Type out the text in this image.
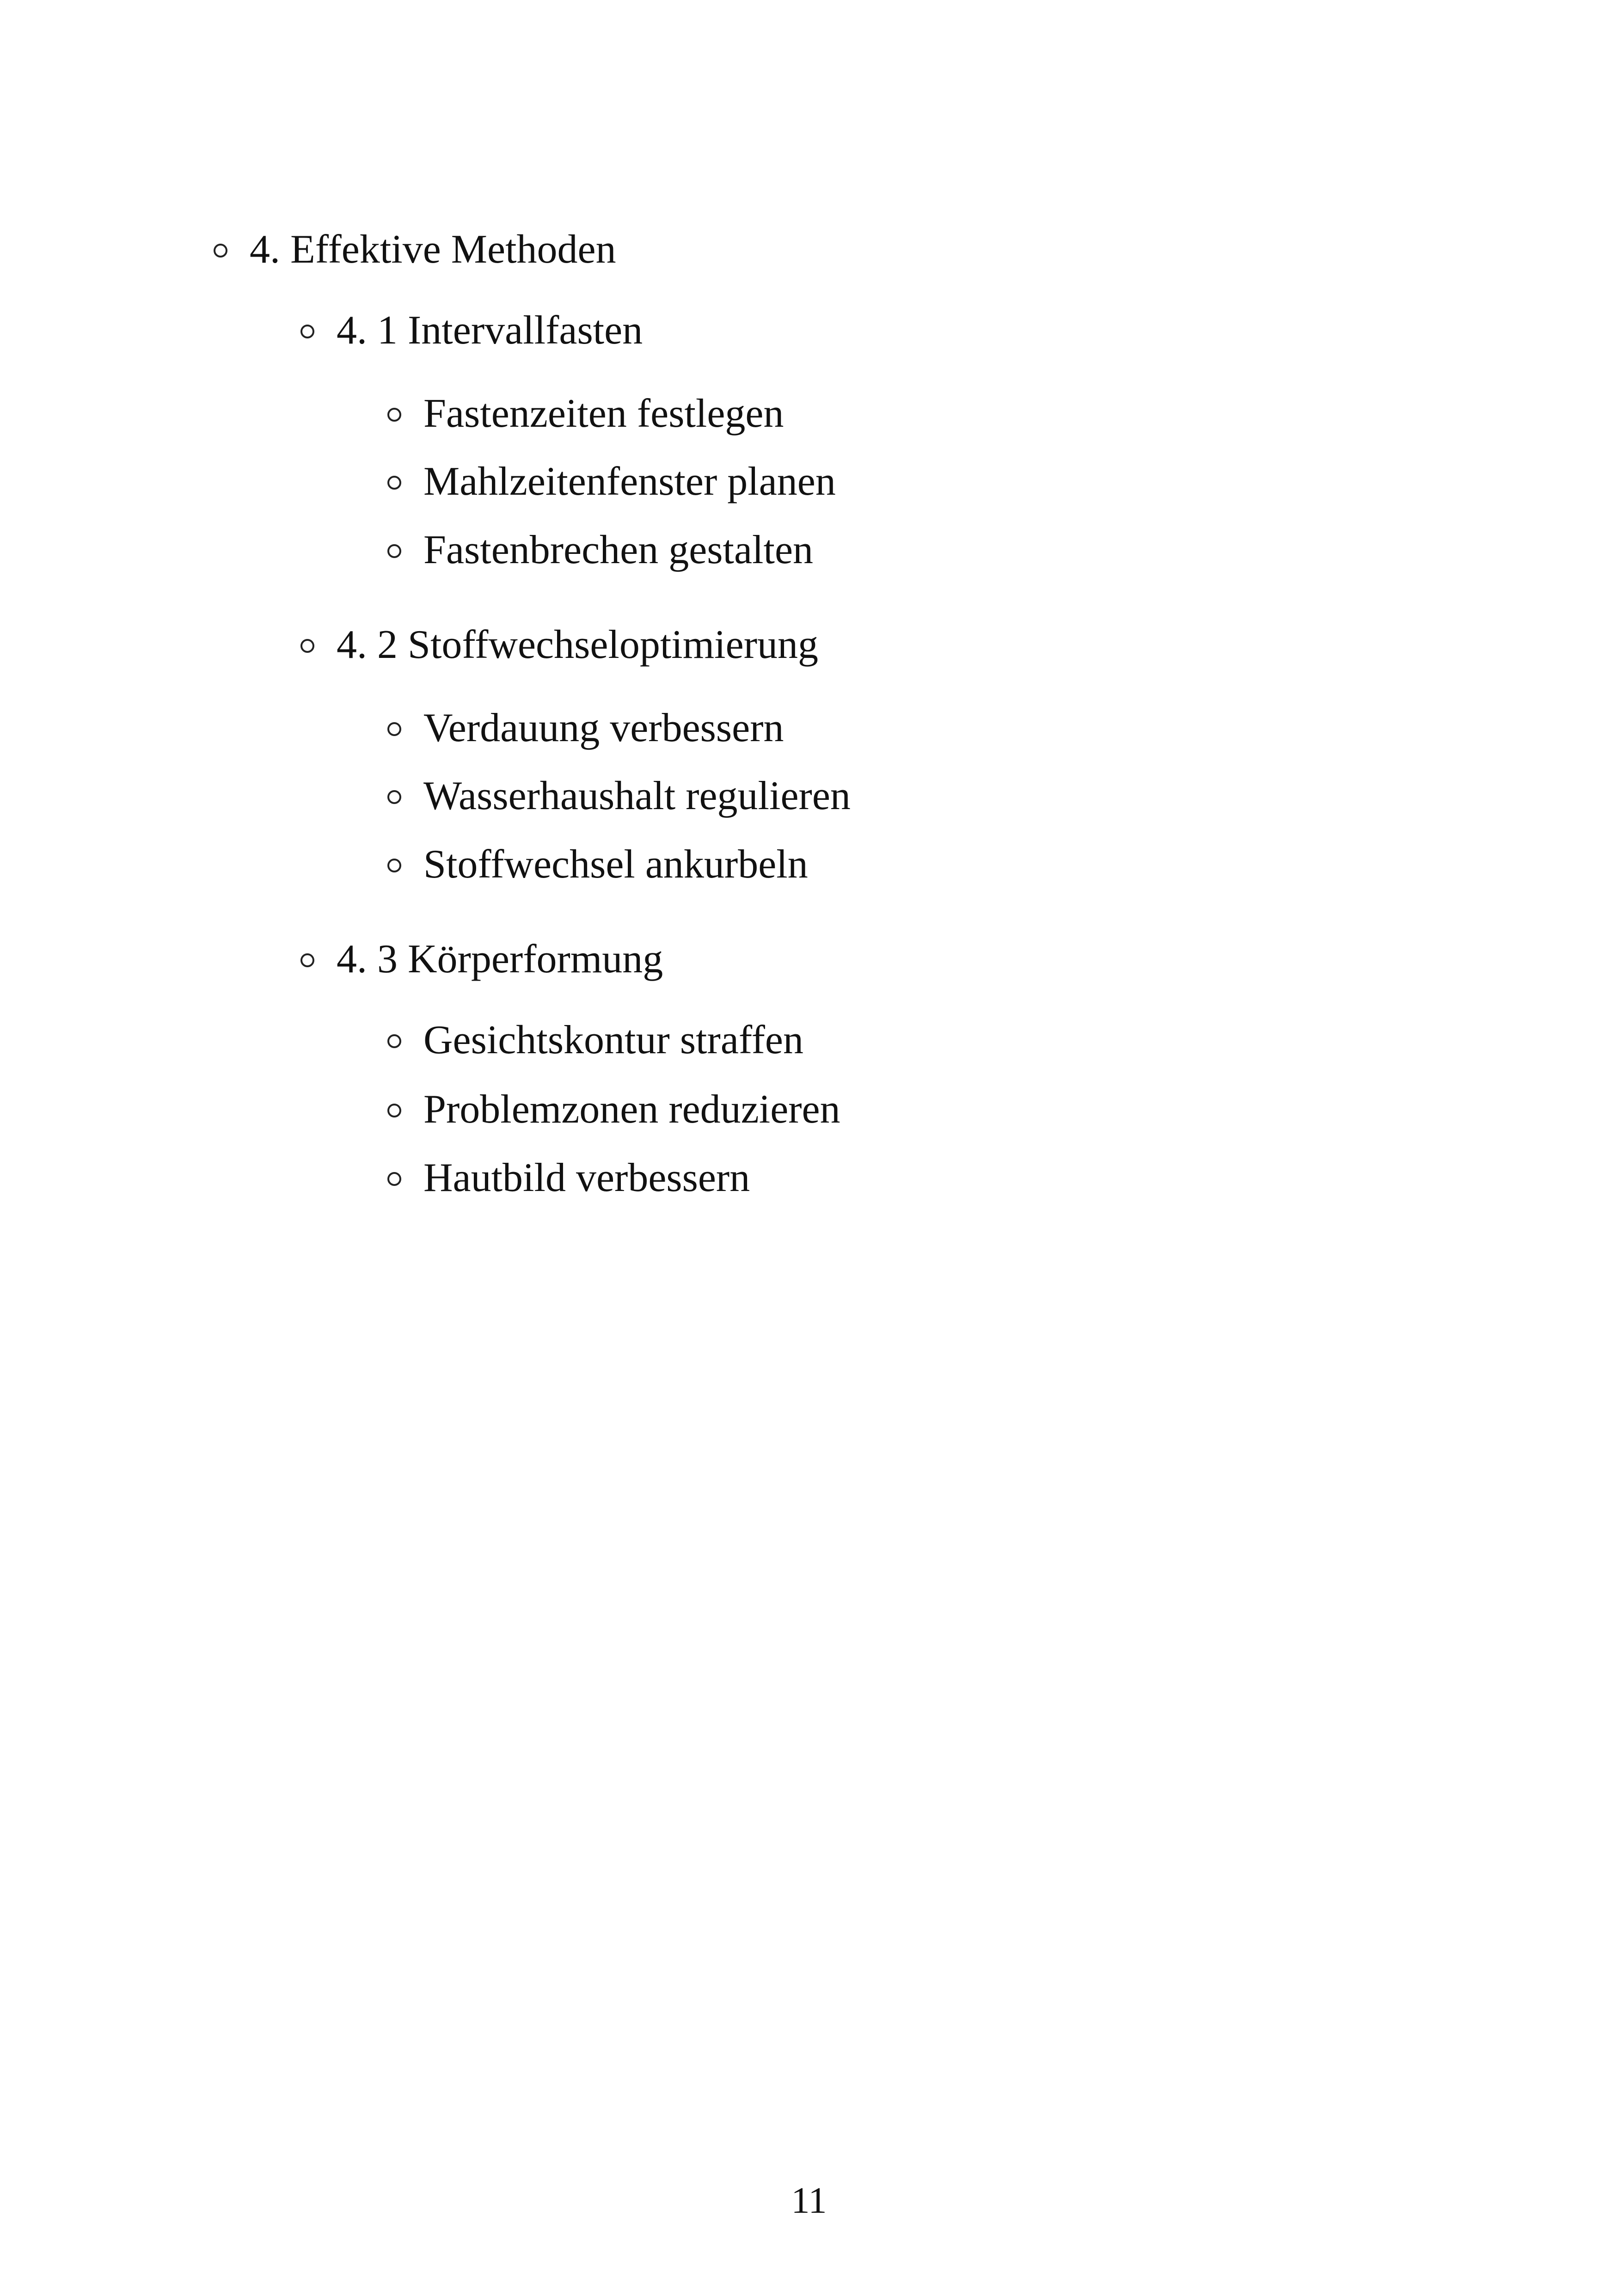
4. Effektive Methoden
4. 1 Intervallfasten
Fastenzeiten festlegen
Mahlzeitenfenster planen
Fastenbrechen gestalten
4. 2 Stoffwechseloptimierung
Verdauung verbessern
Wasserhaushalt regulieren
Stoffwechsel ankurbeln
4. 3 Körperformung
Gesichtskontur straffen
Problemzonen reduzieren
Hautbild verbessern
11
